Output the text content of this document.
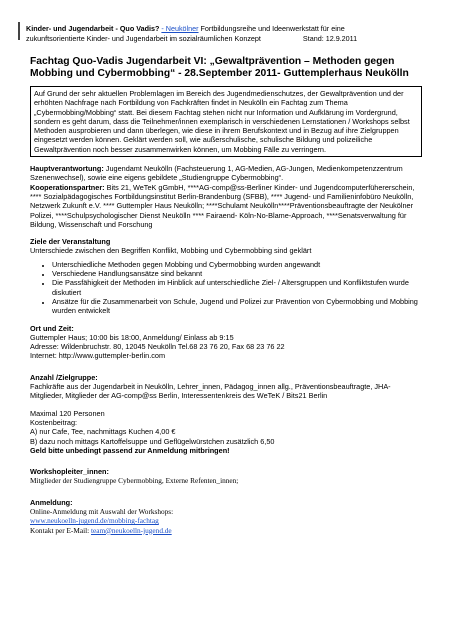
Kinder- und Jugendarbeit - Quo Vadis? - Neukölner Fortbildungsreihe und Ideenwerkstatt für eine
zukunftsorientierte Kinder- und Jugendarbeit im sozialräumlichen Konzept	Stand: 12.9.2011
Fachtag Quo-Vadis Jugendarbeit VI: „Gewaltprävention – Methoden gegen Mobbing und Cybermobbing“ - 28.September 2011- Guttemplerhaus Neukölln
Auf Grund der sehr aktuellen Problemlagen im Bereich des Jugendmedienschutzes, der Gewaltprävention und der erhöhten Nachfrage nach Fortbildung von Fachkräften findet in Neukölln ein Fachtag zum Thema „Cybermobbing/Mobbing“ statt. Bei diesem Fachtag stehen nicht nur Information und Aufklärung im Vordergrund, sondern es geht darum, dass die Teilnehmer/innen exemplarisch in verschiedenen Lernstationen / Workshops selbst Methoden ausprobieren und dann überlegen, wie diese in ihrem Berufskontext und in Bezug auf ihre Zielgruppen eingesetzt werden können. Geklärt werden soll, wie außerschulische, schulische Bildung und polizeiliche Gewaltprävention noch besser zusammenwirken können, um Mobbing Fälle zu verringern.

Hauptverantwortung: Jugendamt Neukölln (Fachsteuerung 1, AG-Medien, AG-Jungen, Medienkompetenzzentrum Szenenwechsel), sowie eine eigens gebildete „Studiengruppe Cybermobbing“.
Kooperationspartner: Bits 21, WeTeK gGmbH, ****AG-comp@ss-Berliner Kinder- und Jugendcomputerfühererschein, **** Sozialpädagogisches Fortbildungsinstitut Berlin-Brandenburg (SFBB), **** Jugend- und Familieninfobüro Neukölln, Netzwerk Zukunft e.V. **** Guttempler Haus Neukölln; ****Schulamt Neukölln****Präventionsbeauftragte der Neukölner Polizei, ****Schulpsychologischer Dienst Neukölln **** Fairaend- Köln-No-Blame-Approach, ****Senatsverwaltung für Bildung, Wissenschaft und Forschung

Ziele der Veranstaltung

Unterschiede zwischen den Begriffen Konflikt, Mobbing und Cybermobbing sind geklärt

• Unterschiedliche Methoden gegen Mobbing und Cybermobbing wurden angewandt
• Verschiedene Handlungsansätze sind bekannt
• Die Passfähigkeit der Methoden im Hinblick auf unterschiedliche Ziel- / Altersgruppen und Konfliktstufen wurde diskutiert
• Ansätze für die Zusammenarbeit von Schule, Jugend und Polizei zur Prävention von Cybermobbing und Mobbing wurden entwickelt

Ort und Zeit:

Guttempler Haus; 10:00 bis 18:00, Anmeldung/ Einlass ab 9:15

Adresse: Wildenbruchstr. 80, 12045 Neukölln Tel.68 23 76 20, Fax 68 23 76 22

Internet: http://www.guttempler-berlin.com

Anzahl /Zielgruppe:

Fachkräfte aus der Jugendarbeit in Neukölln, Lehrer_innen, Pädagog_innen allg., Präventionsbeauftragte, JHA-Mitglieder, Mitglieder der AG-comp@ss Berlin, Interessentenkreis des WeTeK / Bits21 Berlin

Maximal 120 Personen

Kostenbeitrag:

A) nur Cafe, Tee, nachmittags Kuchen 4,00 €

B) dazu noch mittags Kartoffelsuppe und Geflügelwürstchen zusätzlich 6,50

Geld bitte unbedingt passend zur Anmeldung mitbringen!

Workshopleiter_innen:

Mitglieder der Studiengruppe Cybermobbing, Externe Refenten_innen;

Anmeldung:

Online-Anmeldung mit Auswahl der Workshops:
www.neukoelln-jugend.de/mobbing-fachtag
Kontakt per E-Mail: team@neukoelln-jugend.de
